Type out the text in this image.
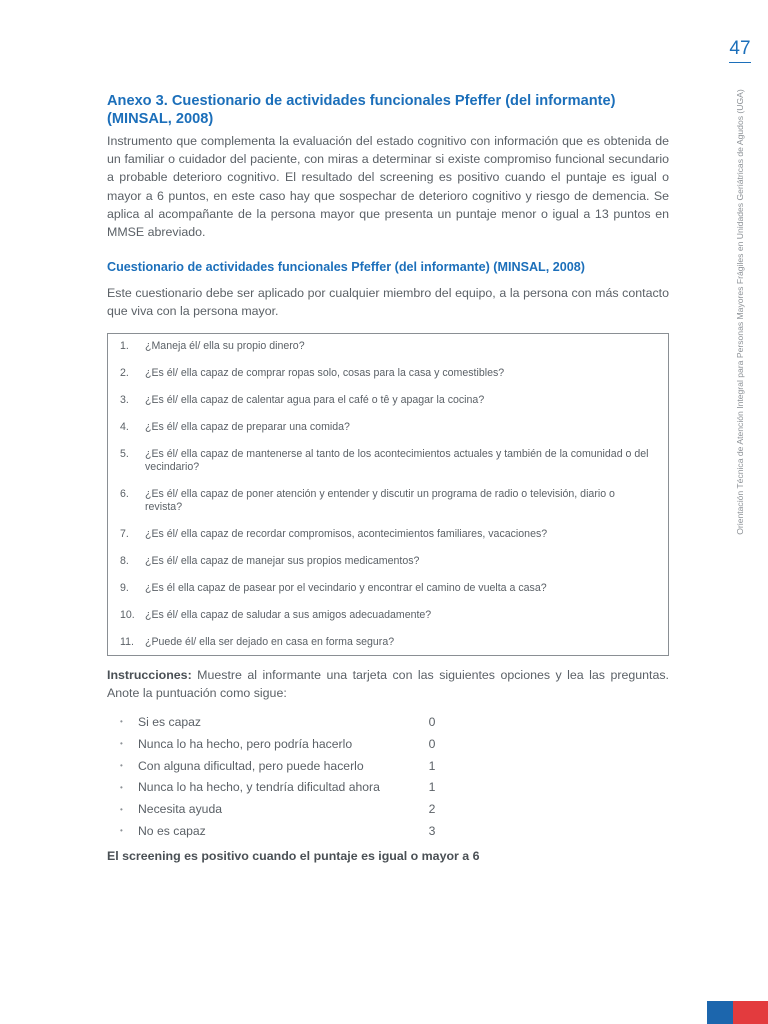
47
Orientación Técnica de Atención Integral para Personas Mayores Frágiles en Unidades Geriátricas de Agudos (UGA)
Anexo 3. Cuestionario de actividades funcionales Pfeffer (del informante) (MINSAL, 2008)

Instrumento que complementa la evaluación del estado cognitivo con información que es obtenida de un familiar o cuidador del paciente, con miras a determinar si existe compromiso funcional secundario a probable deterioro cognitivo. El resultado del screening es positivo cuando el puntaje es igual o mayor a 6 puntos, en este caso hay que sospechar de deterioro cognitivo y riesgo de demencia. Se aplica al acompañante de la persona mayor que presenta un puntaje menor o igual a 13 puntos en MMSE abreviado.

Cuestionario de actividades funcionales Pfeffer (del informante) (MINSAL, 2008)

Este cuestionario debe ser aplicado por cualquier miembro del equipo, a la persona con más contacto que viva con la persona mayor.

1.	¿Maneja él/ ella su propio dinero?
2.	¿Es él/ ella capaz de comprar ropas solo, cosas para la casa y comestibles?
3.	¿Es él/ ella capaz de calentar agua para el café o tê y apagar la cocina?
4.	¿Es él/ ella capaz de preparar una comida?
5.	¿Es él/ ella capaz de mantenerse al tanto de los acontecimientos actuales y también de la comunidad o del vecindario?
6.	¿Es él/ ella capaz de poner atención y entender y discutir un programa de radio o televisión, diario o revista?
7.	¿Es él/ ella capaz de recordar compromisos, acontecimientos familiares, vacaciones?
8.	¿Es él/ ella capaz de manejar sus propios medicamentos?
9.	¿Es él ella capaz de pasear por el vecindario y encontrar el camino de vuelta a casa?
10. ¿Es él/ ella capaz de saludar a sus amigos adecuadamente?
11.	¿Puede él/ ella ser dejado en casa en forma segura?

Instrucciones: Muestre al informante una tarjeta con las siguientes opciones y lea las preguntas. Anote la puntuación como sigue:

•	Si es capaz	0
•	Nunca lo ha hecho, pero podría hacerlo	0
•	Con alguna dificultad, pero puede hacerlo	1
•	Nunca lo ha hecho, y tendría dificultad ahora	1
•	Necesita ayuda	2
•	No es capaz	3

El screening es positivo cuando el puntaje es igual o mayor a 6
